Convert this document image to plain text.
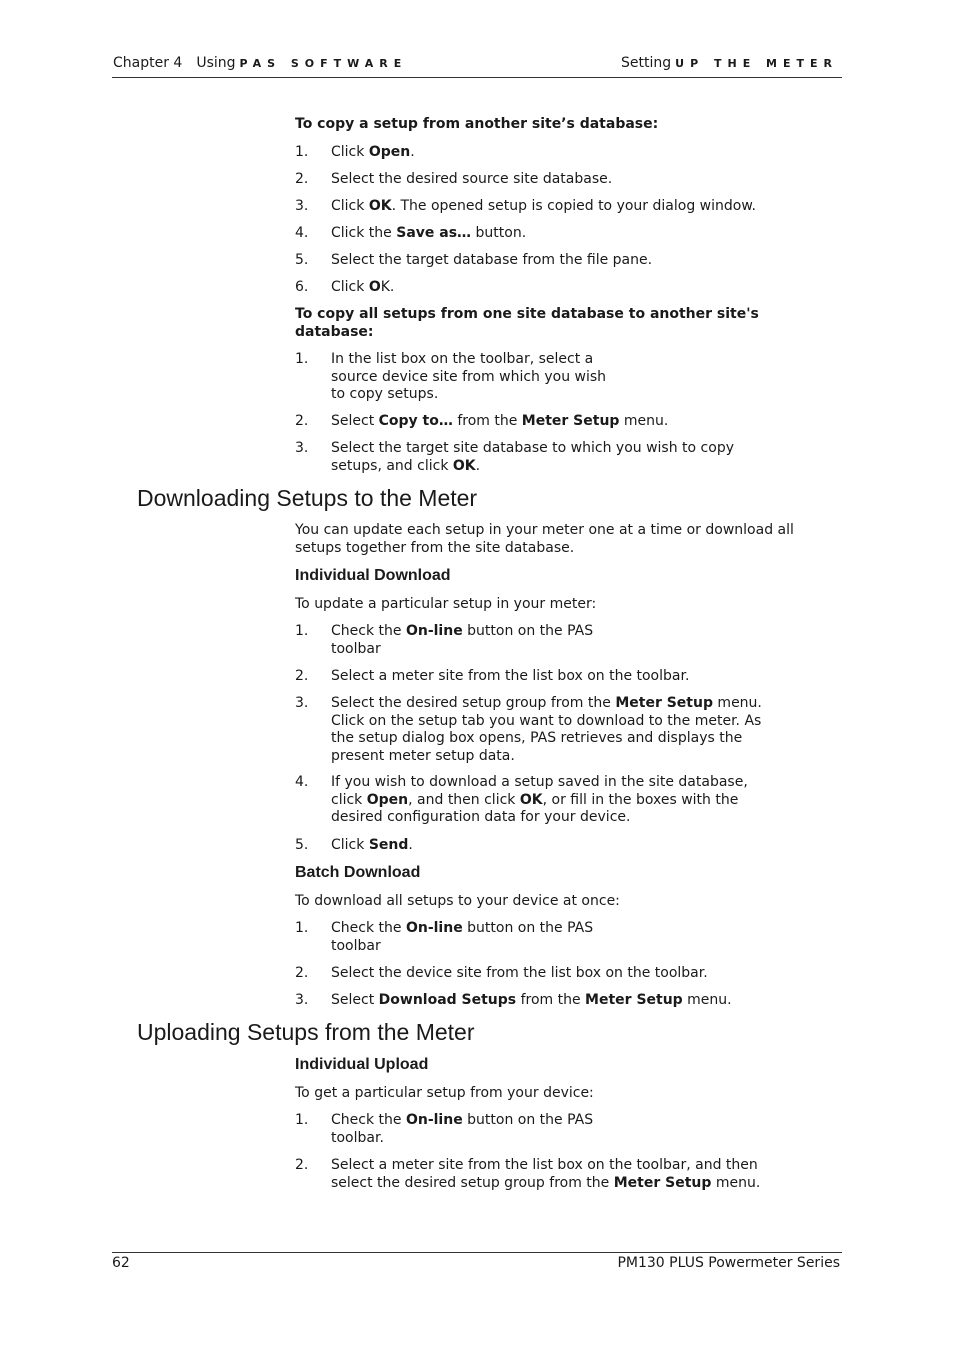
Chapter 4 Using PAS SOFTWARE	Setting UP THE METER
To copy a setup from another site’s database:
1. Click Open.
2. Select the desired source site database.
3. Click OK. The opened setup is copied to your dialog window.
4. Click the Save as… button.
5. Select the target database from the file pane.
6. Click OK.
To copy all setups from one site database to another site's
database:
1. In the list box on the toolbar, select a
source device site from which you wish
to copy setups.
2. Select Copy to… from the Meter Setup menu.
3. Select the target site database to which you wish to copy
setups, and click OK.
Downloading Setups to the Meter
You can update each setup in your meter one at a time or download all
setups together from the site database.
Individual Download
To update a particular setup in your meter:
1. Check the On-line button on the PAS
toolbar
2. Select a meter site from the list box on the toolbar.
3. Select the desired setup group from the Meter Setup menu.
Click on the setup tab you want to download to the meter. As
the setup dialog box opens, PAS retrieves and displays the
present meter setup data.
4. If you wish to download a setup saved in the site database,
click Open, and then click OK, or fill in the boxes with the
desired configuration data for your device.
5. Click Send.
Batch Download
To download all setups to your device at once:
1. Check the On-line button on the PAS
toolbar
2. Select the device site from the list box on the toolbar.
3. Select Download Setups from the Meter Setup menu.
Uploading Setups from the Meter
Individual Upload
To get a particular setup from your device:
1. Check the On-line button on the PAS
toolbar.
2. Select a meter site from the list box on the toolbar, and then
select the desired setup group from the Meter Setup menu.
62	PM130 PLUS Powermeter Series
